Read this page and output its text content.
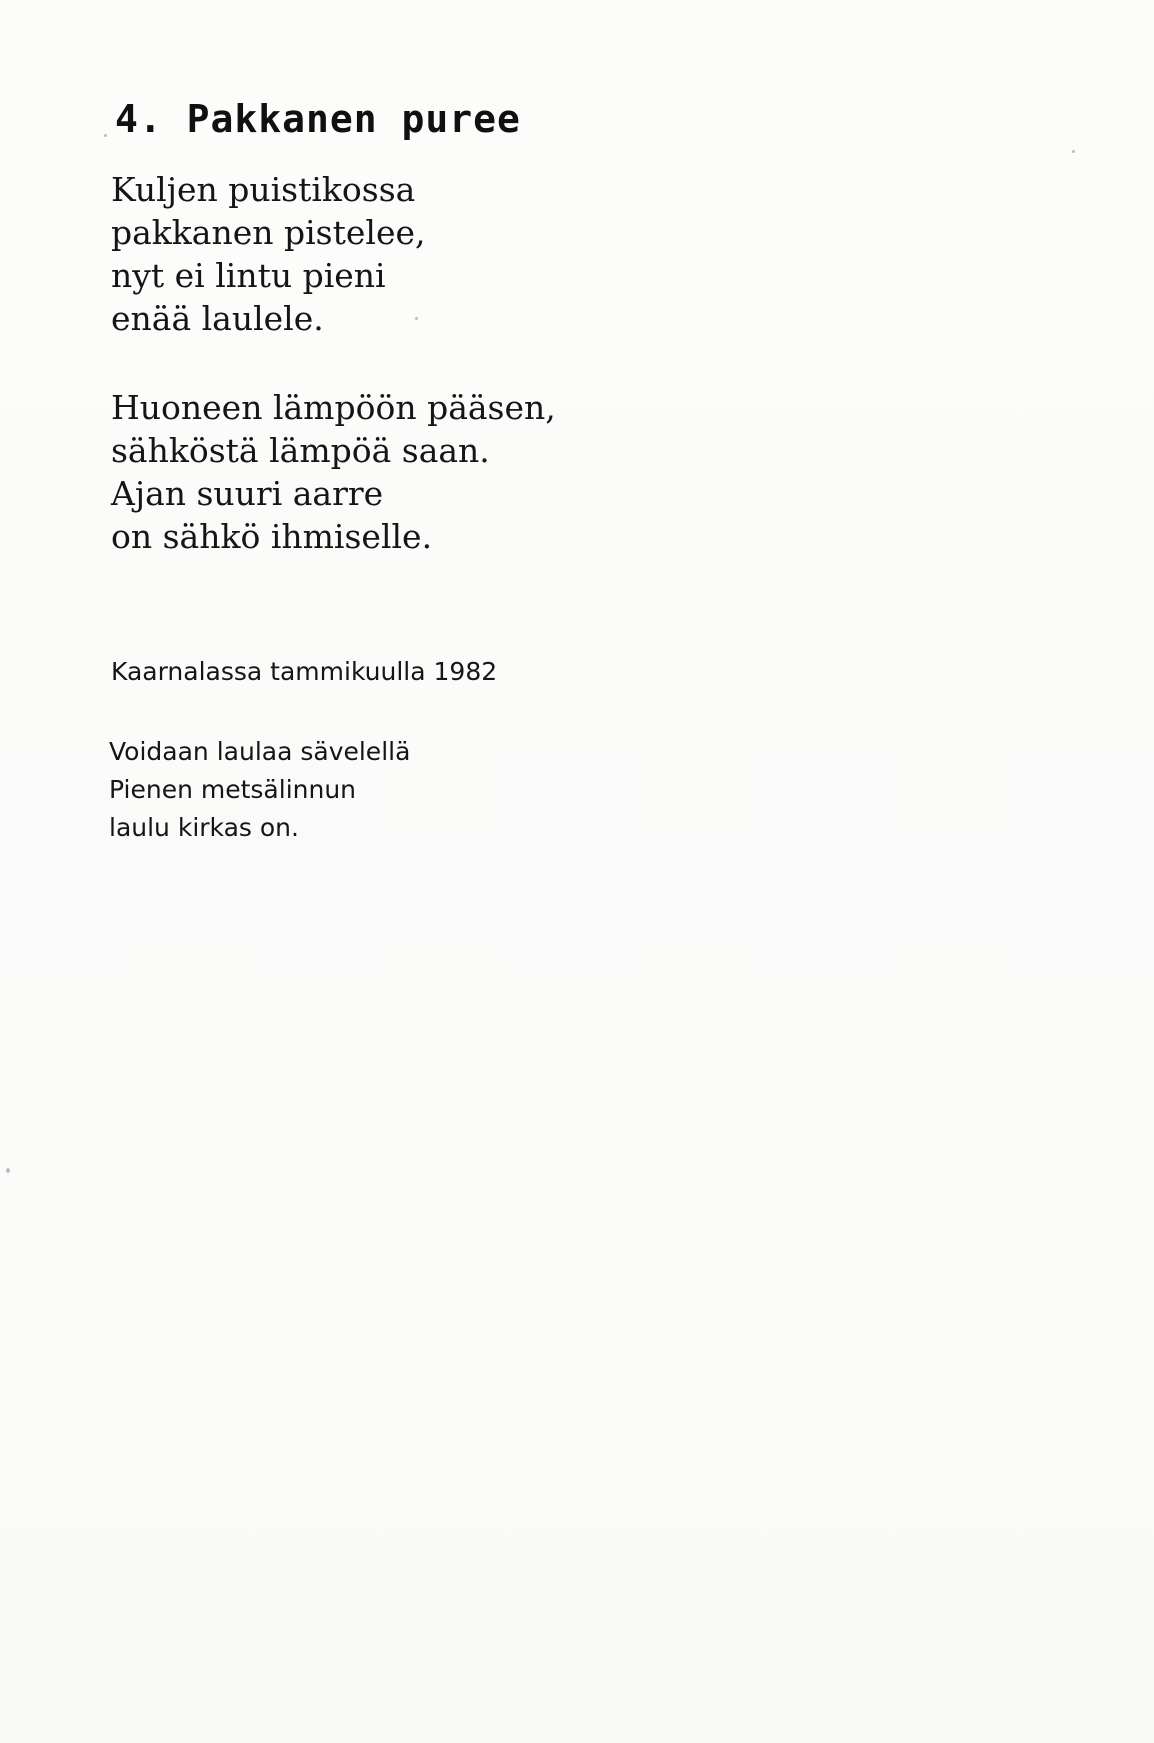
4. Pakkanen puree
Kuljen puistikossa
pakkanen pistelee,
nyt ei lintu pieni
enää laulele.
Huoneen lämpöön pääsen,
sähköstä lämpöä saan.
Ajan suuri aarre
on sähkö ihmiselle.
Kaarnalassa tammikuulla 1982
Voidaan laulaa sävelellä
Pienen metsälinnun
laulu kirkas on.
